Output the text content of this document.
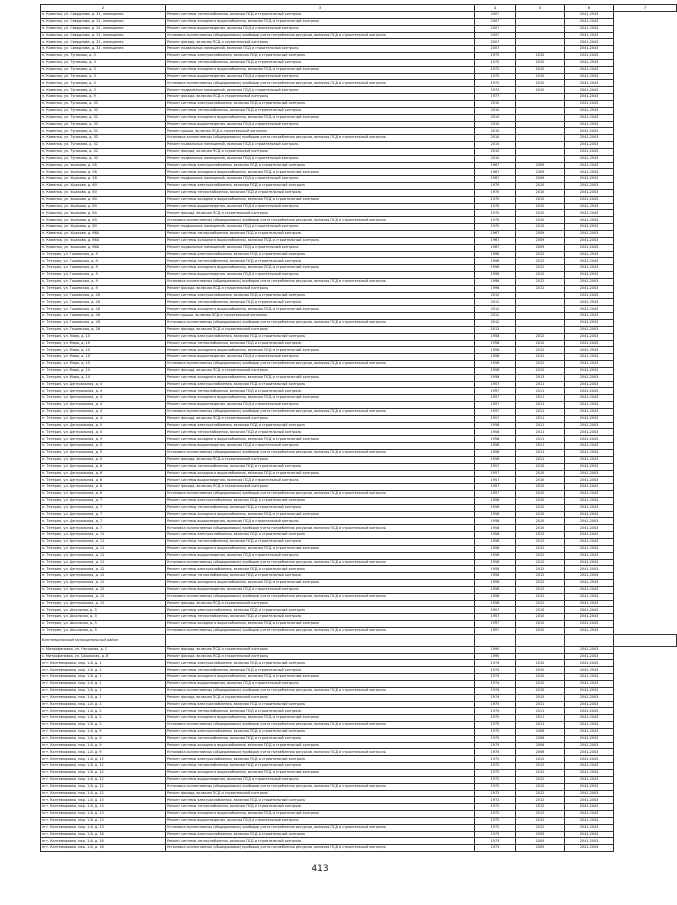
	2	3	4	5	6	7
	п. Каменка, ул. Свердлова, д. 31, помещения	Ремонт системы теплоснабжения, включая ПСД и строительный контроль	2007		2041-2043	
	п. Каменка, ул. Свердлова, д. 31, помещения	Ремонт системы холодного водоснабжения, включая ПСД и строительный контроль	2007		2041-2043	
	п. Каменка, ул. Свердлова, д. 31, помещения	Ремонт системы водоотведения, включая ПСД и строительный контроль	2007		2041-2043	
	п. Каменка, ул. Свердлова, д. 31, помещения	Установка коллективных (общедомовых) приборов учета потребления ресурсов, включая ПСД и строительный контроль	2007		2041-2043	
	п. Каменка, ул. Свердлова, д. 31, помещения	Ремонт фасада, включая ПСД и строительный контроль	2007		2041-2043	
	п. Каменка, ул. Свердлова, д. 31, помещения	Ремонт подвальных помещений, включая ПСД и строительный контроль	2007		2041-2043	
	п. Каменка, ул. Тупикова, д. 3	Ремонт системы электроснабжения, включая ПСД и строительный контроль	1972	2010	2041-2043	
	п. Каменка, ул. Тупикова, д. 3	Ремонт системы теплоснабжения, включая ПСД и строительный контроль	1972	2010	2041-2043	
	п. Каменка, ул. Тупикова, д. 3	Ремонт системы холодного водоснабжения, включая ПСД и строительный контроль	1972	2010	2041-2043	
	п. Каменка, ул. Тупикова, д. 3	Ремонт системы водоотведения, включая ПСД и строительный контроль	1972	2010	2041-2043	
	п. Каменка, ул. Тупикова, д. 3	Установка коллективных (общедомовых) приборов учета потребления ресурсов, включая ПСД и строительный контроль	1972	2010	2041-2043	
	п. Каменка, ул. Тупикова, д. 3	Ремонт подвальных помещений, включая ПСД и строительный контроль	1972	2010	2041-2043	
	п. Каменка, ул. Тупикова, д. 9	Ремонт фасада, включая ПСД и строительный контроль	1977		2041-2043	
	п. Каменка, ул. Тупикова, д. 32	Ремонт системы электроснабжения, включая ПСД и строительный контроль	2010		2041-2043	
	п. Каменка, ул. Тупикова, д. 32	Ремонт системы теплоснабжения, включая ПСД и строительный контроль	2010		2041-2043	
	п. Каменка, ул. Тупикова, д. 32	Ремонт системы холодного водоснабжения, включая ПСД и строительный контроль	2010		2041-2043	
	п. Каменка, ул. Тупикова, д. 32	Ремонт системы водоотведения, включая ПСД и строительный контроль	2010		2041-2043	
	п. Каменка, ул. Тупикова, д. 32	Ремонт крыши, включая ПСД и строительный контроль	2010		2041-2043	
	п. Каменка, ул. Тупикова, д. 32	Установка коллективных (общедомовых) приборов учета потребления ресурсов, включая ПСД и строительный контроль	2010		2041-2043	
	п. Каменка, ул. Тупикова, д. 32	Ремонт подвальных помещений, включая ПСД и строительный контроль	2010		2041-2043	
	п. Каменка, ул. Тупикова, д. 32	Ремонт фасада, включая ПСД и строительный контроль	2010		2041-2043	
	п. Каменка, ул. Тупикова, д. 32	Ремонт подвальных помещений, включая ПСД и строительный контроль	2010		2041-2043	
	п. Каменка, ул. Ушакова, д. 58	Ремонт системы электроснабжения, включая ПСД и строительный контроль	1967	2009	2041-2043	
	п. Каменка, ул. Ушакова, д. 58	Ремонт системы холодного водоснабжения, включая ПСД и строительный контроль	1967	2009	2041-2043	
	п. Каменка, ул. Ушакова, д. 58	Ремонт подвальных помещений, включая ПСД и строительный контроль	1967	2009	2041-2043	
	п. Каменка, ул. Ушакова, д. 60	Ремонт системы электроснабжения, включая ПСД и строительный контроль	1970	2010	2041-2043	
	п. Каменка, ул. Ушакова, д. 60	Ремонт системы теплоснабжения, включая ПСД и строительный контроль	1970	2010	2041-2043	
	п. Каменка, ул. Ушакова, д. 60	Ремонт системы холодного водоснабжения, включая ПСД и строительный контроль	1970	2010	2041-2043	
	п. Каменка, ул. Ушакова, д. 60	Ремонт системы водоотведения, включая ПСД и строительный контроль	1970	2010	2041-2043	
	п. Каменка, ул. Ушакова, д. 60	Ремонт фасада, включая ПСД и строительный контроль	1970	2010	2041-2043	
	п. Каменка, ул. Ушакова, д. 60	Установка коллективных (общедомовых) приборов учета потребления ресурсов, включая ПСД и строительный контроль	1970	2010	2041-2043	
	п. Каменка, ул. Ушакова, д. 60	Ремонт подвальных помещений, включая ПСД и строительный контроль	1970	2010	2041-2043	
	п. Каменка, ул. Ушакова, д. 66А	Ремонт системы теплоснабжения, включая ПСД и строительный контроль	1967	2009	2041-2043	
	п. Каменка, ул. Ушакова, д. 66А	Ремонт системы холодного водоснабжения, включая ПСД и строительный контроль	1967	2009	2041-2043	
	п. Каменка, ул. Ушакова, д. 66А	Ремонт подвальных помещений, включая ПСД и строительный контроль	1967	2009	2041-2043	
	п. Тетерин, ул. Гошевская, д. 9	Ремонт системы электроснабжения, включая ПСД и строительный контроль	1998	2012	2041-2043	
	п. Тетерин, ул. Гошевская, д. 9	Ремонт системы теплоснабжения, включая ПСД и строительный контроль	1998	2012	2041-2043	
	п. Тетерин, ул. Гошевская, д. 9	Ремонт системы холодного водоснабжения, включая ПСД и строительный контроль	1998	2012	2041-2043	
	п. Тетерин, ул. Гошевская, д. 9	Ремонт системы водоотведения, включая ПСД и строительный контроль	1998	2012	2041-2043	
	п. Тетерин, ул. Гошевская, д. 9	Установка коллективных (общедомовых) приборов учета потребления ресурсов, включая ПСД и строительный контроль	1998	2012	2041-2043	
	п. Тетерин, ул. Гошевская, д. 9	Ремонт фасада, включая ПСД и строительный контроль	1998	2012	2041-2043	
	п. Тетерин, ул. Гошевская, д. 26	Ремонт системы электроснабжения, включая ПСД и строительный контроль	2012		2041-2043	
	п. Тетерин, ул. Гошевская, д. 26	Ремонт системы теплоснабжения, включая ПСД и строительный контроль	2012		2041-2043	
	п. Тетерин, ул. Гошевская, д. 26	Ремонт системы холодного водоснабжения, включая ПСД и строительный контроль	2012		2041-2043	
	п. Тетерин, ул. Гошевская, д. 26	Ремонт крыши, включая ПСД и строительный контроль	2012		2041-2043	
	п. Тетерин, ул. Гошевская, д. 26	Установка коллективных (общедомовых) приборов учета потребления ресурсов, включая ПСД и строительный контроль	2012		2041-2043	
	п. Тетерин, ул. Гошевская, д. 26	Ремонт фасада, включая ПСД и строительный контроль	2012		2041-2043	
	п. Тетерин, ул. Мира, д. 10	Ремонт системы электроснабжения, включая ПСД и строительный контроль	1958	2012	2041-2043	
	п. Тетерин, ул. Мира, д. 10	Ремонт системы теплоснабжения, включая ПСД и строительный контроль	1958	2012	2041-2043	
	п. Тетерин, ул. Мира, д. 10	Ремонт системы холодного водоснабжения, включая ПСД и строительный контроль	1958	2012	2041-2043	
	п. Тетерин, ул. Мира, д. 10	Ремонт системы водоотведения, включая ПСД и строительный контроль	1958	2012	2041-2043	
	п. Тетерин, ул. Мира, д. 10	Установка коллективных (общедомовых) приборов учета потребления ресурсов, включая ПСД и строительный контроль	1958	2012	2041-2043	
	п. Тетерин, ул. Мира, д. 10	Ремонт фасада, включая ПСД и строительный контроль	1958	2012	2041-2043	
	п. Тетерин, ул. Мира, д. 10	Ремонт системы холодного водоснабжения, включая ПСД и строительный контроль	1958	2013	2041-2043	
	п. Тетерин, ул. Центральная, д. 4	Ремонт системы электроснабжения, включая ПСД и строительный контроль	1957	2011	2041-2043	
	п. Тетерин, ул. Центральная, д. 4	Ремонт системы теплоснабжения, включая ПСД и строительный контроль	1957	2011	2041-2043	
	п. Тетерин, ул. Центральная, д. 4	Ремонт системы холодного водоснабжения, включая ПСД и строительный контроль	1957	2011	2041-2043	
	п. Тетерин, ул. Центральная, д. 4	Ремонт системы водоотведения, включая ПСД и строительный контроль	1957	2011	2041-2043	
	п. Тетерин, ул. Центральная, д. 4	Установка коллективных (общедомовых) приборов учета потребления ресурсов, включая ПСД и строительный контроль	1957	2011	2041-2043	
	п. Тетерин, ул. Центральная, д. 4	Ремонт фасада, включая ПСД и строительный контроль	1957	2011	2041-2043	
	п. Тетерин, ул. Центральная, д. 5	Ремонт системы электроснабжения, включая ПСД и строительный контроль	1958	2011	2041-2043	
	п. Тетерин, ул. Центральная, д. 5	Ремонт системы теплоснабжения, включая ПСД и строительный контроль	1958	2011	2041-2043	
	п. Тетерин, ул. Центральная, д. 5	Ремонт системы холодного водоснабжения, включая ПСД и строительный контроль	1958	2011	2041-2043	
	п. Тетерин, ул. Центральная, д. 5	Ремонт системы водоотведения, включая ПСД и строительный контроль	1958	2011	2041-2043	
	п. Тетерин, ул. Центральная, д. 5	Установка коллективных (общедомовых) приборов учета потребления ресурсов, включая ПСД и строительный контроль	1958	2011	2041-2043	
	п. Тетерин, ул. Центральная, д. 5	Ремонт фасада, включая ПСД и строительный контроль	1958	2011	2041-2043	
	п. Тетерин, ул. Центральная, д. 6	Ремонт системы теплоснабжения, включая ПСД и строительный контроль	1957	2010	2041-2043	
	п. Тетерин, ул. Центральная, д. 6	Ремонт системы холодного водоснабжения, включая ПСД и строительный контроль	1957	2010	2041-2043	
	п. Тетерин, ул. Центральная, д. 6	Ремонт системы водоотведения, включая ПСД и строительный контроль	1957	2010	2041-2043	
	п. Тетерин, ул. Центральная, д. 6	Ремонт фасада, включая ПСД и строительный контроль	1957	2010	2041-2043	
	п. Тетерин, ул. Центральная, д. 6	Установка коллективных (общедомовых) приборов учета потребления ресурсов, включая ПСД и строительный контроль	1957	2010	2041-2043	
	п. Тетерин, ул. Центральная, д. 7	Ремонт системы электроснабжения, включая ПСД и строительный контроль	1958	2010	2041-2043	
	п. Тетерин, ул. Центральная, д. 7	Ремонт системы теплоснабжения, включая ПСД и строительный контроль	1958	2010	2041-2043	
	п. Тетерин, ул. Центральная, д. 7	Ремонт системы холодного водоснабжения, включая ПСД и строительный контроль	1958	2010	2041-2043	
	п. Тетерин, ул. Центральная, д. 7	Ремонт системы водоотведения, включая ПСД и строительный контроль	1958	2010	2041-2043	
	п. Тетерин, ул. Центральная, д. 7	Установка коллективных (общедомовых) приборов учета потребления ресурсов, включая ПСД и строительный контроль	1958	2010	2041-2043	
	п. Тетерин, ул. Центральная, д. 11	Ремонт системы электроснабжения, включая ПСД и строительный контроль	1958	2012	2041-2043	
	п. Тетерин, ул. Центральная, д. 11	Ремонт системы теплоснабжения, включая ПСД и строительный контроль	1958	2012	2041-2043	
	п. Тетерин, ул. Центральная, д. 11	Ремонт системы холодного водоснабжения, включая ПСД и строительный контроль	1958	2012	2041-2043	
	п. Тетерин, ул. Центральная, д. 11	Ремонт системы водоотведения, включая ПСД и строительный контроль	1958	2012	2041-2043	
	п. Тетерин, ул. Центральная, д. 11	Установка коллективных (общедомовых) приборов учета потребления ресурсов, включая ПСД и строительный контроль	1958	2012	2041-2043	
	п. Тетерин, ул. Центральная, д. 12	Ремонт системы электроснабжения, включая ПСД и строительный контроль	1958	2012	2041-2043	
	п. Тетерин, ул. Центральная, д. 12	Ремонт системы теплоснабжения, включая ПСД и строительный контроль	1958	2012	2041-2043	
	п. Тетерин, ул. Центральная, д. 12	Ремонт системы холодного водоснабжения, включая ПСД и строительный контроль	1958	2012	2041-2043	
	п. Тетерин, ул. Центральная, д. 12	Ремонт системы водоотведения, включая ПСД и строительный контроль	1958	2012	2041-2043	
	п. Тетерин, ул. Центральная, д. 12	Установка коллективных (общедомовых) приборов учета потребления ресурсов, включая ПСД и строительный контроль	1958	2012	2041-2043	
	п. Тетерин, ул. Центральная, д. 12	Ремонт фасада, включая ПСД и строительный контроль	1958	2012	2041-2043	
	п. Тетерин, ул. Школьная, д. 3	Ремонт системы электроснабжения, включая ПСД и строительный контроль	1957	2010	2041-2043	
	п. Тетерин, ул. Школьная, д. 3	Ремонт системы теплоснабжения, включая ПСД и строительный контроль	1957	2010	2041-2043	
	п. Тетерин, ул. Школьная, д. 3	Ремонт системы холодного водоснабжения, включая ПСД и строительный контроль	1957	2010	2041-2043	
	п. Тетерин, ул. Школьная, д. 3	Установка коллективных (общедомовых) приборов учета потребления ресурсов, включая ПСД и строительный контроль	1957	2010	2041-2043	
	Кантемировский муниципальный район					
	с. Митрофановка, ул. Нагорная, д. 1	Ремонт фасада, включая ПСД и строительный контроль	1990		2041-2043	
	с. Митрофановка, ул. Школьная, д. 8	Ремонт фасада, включая ПСД и строительный контроль	1990		2041-2043	
	пгт. Кантемировка, мкр. 1-й, д. 1	Ремонт системы электроснабжения, включая ПСД и строительный контроль	1974	2010	2041-2043	
	пгт. Кантемировка, мкр. 1-й, д. 1	Ремонт системы теплоснабжения, включая ПСД и строительный контроль	1974	2010	2041-2043	
	пгт. Кантемировка, мкр. 1-й, д. 1	Ремонт системы холодного водоснабжения, включая ПСД и строительный контроль	1974	2010	2041-2043	
	пгт. Кантемировка, мкр. 1-й, д. 1	Ремонт системы водоотведения, включая ПСД и строительный контроль	1974	2010	2041-2043	
	пгт. Кантемировка, мкр. 1-й, д. 1	Установка коллективных (общедомовых) приборов учета потребления ресурсов, включая ПСД и строительный контроль	1974	2010	2041-2043	
	пгт. Кантемировка, мкр. 1-й, д. 1	Ремонт фасада, включая ПСД и строительный контроль	1974	2010	2041-2043	
	пгт. Кантемировка, мкр. 1-й, д. 2	Ремонт системы электроснабжения, включая ПСД и строительный контроль	1975	2011	2041-2043	
	пгт. Кантемировка, мкр. 1-й, д. 2	Ремонт системы теплоснабжения, включая ПСД и строительный контроль	1975	2011	2041-2043	
	пгт. Кантемировка, мкр. 1-й, д. 2	Ремонт системы холодного водоснабжения, включая ПСД и строительный контроль	1975	2011	2041-2043	
	пгт. Кантемировка, мкр. 1-й, д. 2	Установка коллективных (общедомовых) приборов учета потребления ресурсов, включая ПСД и строительный контроль	1975	2011	2041-2043	
	пгт. Кантемировка, мкр. 1-й, д. 9	Ремонт системы электроснабжения, включая ПСД и строительный контроль	1975	2006	2041-2043	
	пгт. Кантемировка, мкр. 1-й, д. 9	Ремонт системы теплоснабжения, включая ПСД и строительный контроль	1975	2006	2041-2043	
	пгт. Кантемировка, мкр. 1-й, д. 9	Ремонт системы холодного водоснабжения, включая ПСД и строительный контроль	1975	2006	2041-2043	
	пгт. Кантемировка, мкр. 1-й, д. 9	Установка коллективных (общедомовых) приборов учета потребления ресурсов, включая ПСД и строительный контроль	1975	2006	2041-2043	
	пгт. Кантемировка, мкр. 1-й, д. 12	Ремонт системы электроснабжения, включая ПСД и строительный контроль	1972	2012	2041-2043	
	пгт. Кантемировка, мкр. 1-й, д. 12	Ремонт системы теплоснабжения, включая ПСД и строительный контроль	1972	2012	2041-2043	
	пгт. Кантемировка, мкр. 1-й, д. 12	Ремонт системы холодного водоснабжения, включая ПСД и строительный контроль	1972	2012	2041-2043	
	пгт. Кантемировка, мкр. 1-й, д. 12	Ремонт системы водоотведения, включая ПСД и строительный контроль	1972	2012	2041-2043	
	пгт. Кантемировка, мкр. 1-й, д. 12	Установка коллективных (общедомовых) приборов учета потребления ресурсов, включая ПСД и строительный контроль	1972	2012	2041-2043	
	пгт. Кантемировка, мкр. 1-й, д. 12	Ремонт фасада, включая ПСД и строительный контроль	1972	2012	2041-2043	
	пгт. Кантемировка, мкр. 1-й, д. 13	Ремонт системы электроснабжения, включая ПСД и строительный контроль	1972	2012	2041-2043	
	пгт. Кантемировка, мкр. 1-й, д. 13	Ремонт системы теплоснабжения, включая ПСД и строительный контроль	1972	2012	2041-2043	
	пгт. Кантемировка, мкр. 1-й, д. 13	Ремонт системы холодного водоснабжения, включая ПСД и строительный контроль	1972	2012	2041-2043	
	пгт. Кантемировка, мкр. 1-й, д. 13	Ремонт системы водоотведения, включая ПСД и строительный контроль	1972	2012	2041-2043	
	пгт. Кантемировка, мкр. 1-й, д. 13	Установка коллективных (общедомовых) приборов учета потребления ресурсов, включая ПСД и строительный контроль	1972	2012	2041-2043	
	пгт. Кантемировка, мкр. 1-й, д. 18	Ремонт системы электроснабжения, включая ПСД и строительный контроль	1973	2005	2041-2043	
	пгт. Кантемировка, мкр. 1-й, д. 18	Ремонт системы теплоснабжения, включая ПСД и строительный контроль	1973	2005	2041-2043	
	пгт. Кантемировка, мкр. 1-й, д. 18	Установка коллективных (общедомовых) приборов учета потребления ресурсов, включая ПСД и строительный контроль	1973	2005	2041-2043	
413
